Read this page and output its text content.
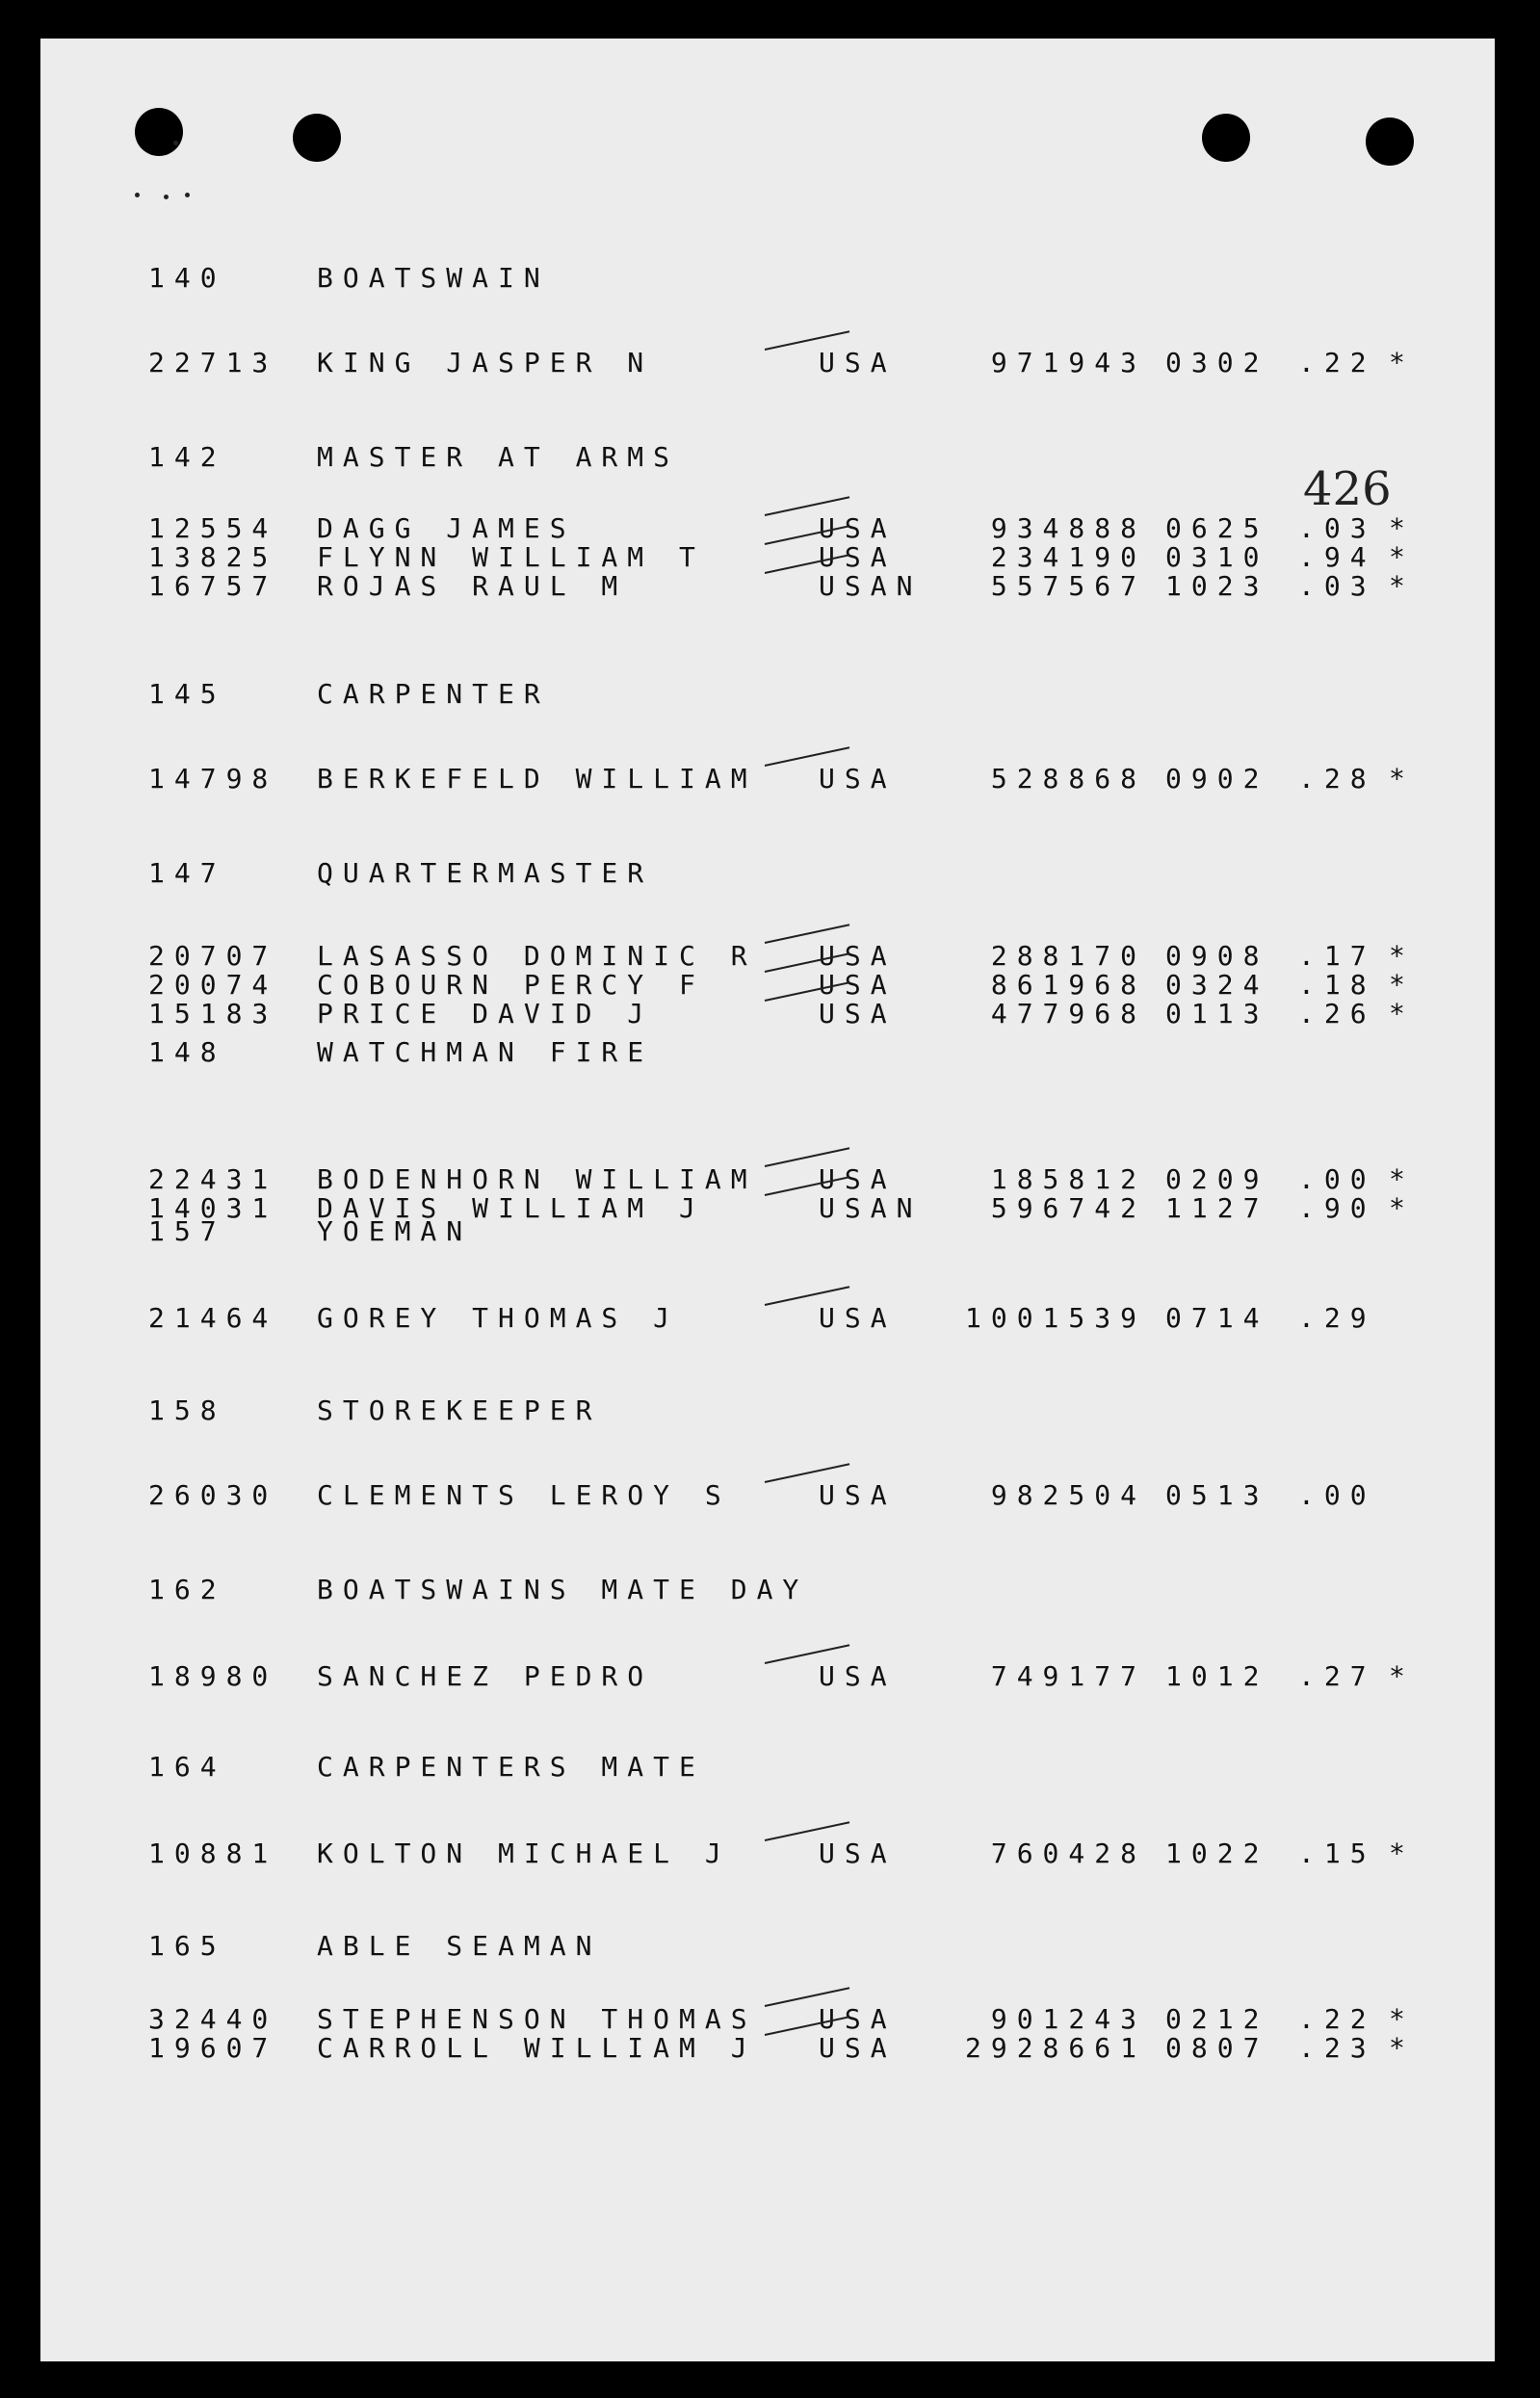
426
140	BOATSWAIN
22713 KING JASPER N	USA	971943 0302 .22 *
142	MASTER AT ARMS
12554 DAGG JAMES	USA	934888 0625 .03 *
13825 FLYNN WILLIAM T	USA	234190 0310 .94 *
16757 ROJAS RAUL M	USAN	557567 1023 .03 *
145	CARPENTER
14798 BERKEFELD WILLIAM USA	528868 0902 .28 *
147	QUARTERMASTER
20707 LASASSO DOMINIC R USA	288170 0908 .17 *
20074 COBOURN PERCY F	USA	861968 0324 .18 *
15183 PRICE DAVID J	USA	477968 0113 .26 *
148	WATCHMAN FIRE
22431 BODENHORN WILLIAM USA	185812 0209 .00 *
14031 DAVIS WILLIAM J	USAN	596742 1127 .90 *
157	YOEMAN
21464 GOREY THOMAS J	USA	1001539 0714 .29
158	STOREKEEPER
26030 CLEMENTS LEROY S	USA	982504 0513 .00
162	BOATSWAINS MATE DAY
18980 SANCHEZ PEDRO	USA	749177 1012 .27 *
164	CARPENTERS MATE
10881 KOLTON MICHAEL J	USA	760428 1022 .15 *
165	ABLE SEAMAN
32440 STEPHENSON THOMAS USA	901243 0212 .22 *
19607 CARROLL WILLIAM J USA	2928661 0807 .23 *
